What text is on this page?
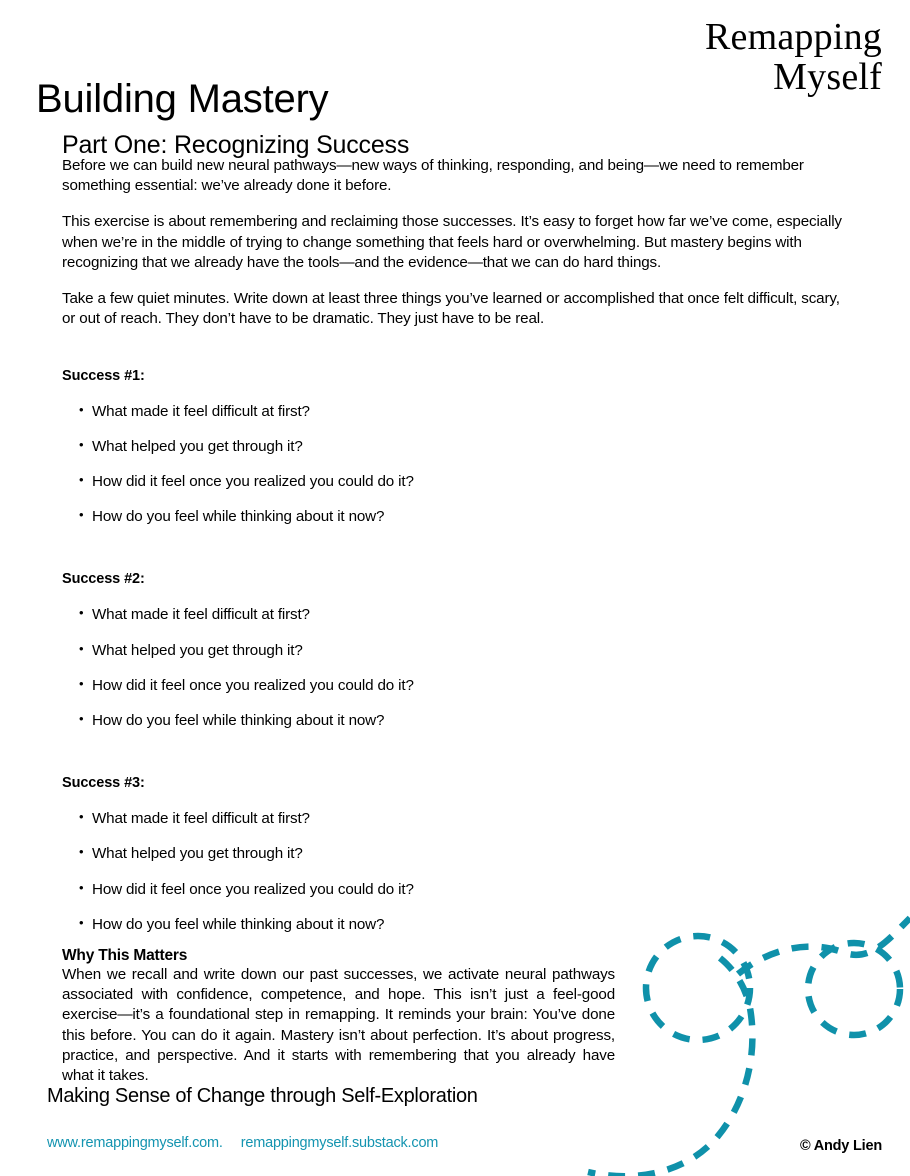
Remapping
Myself
Building Mastery
Part One: Recognizing Success

Before we can build new neural pathways—new ways of thinking, responding, and being—we need to remember something essential: we’ve already done it before.

This exercise is about remembering and reclaiming those successes. It’s easy to forget how far we’ve come, especially when we’re in the middle of trying to change something that feels hard or overwhelming. But mastery begins with recognizing that we already have the tools—and the evidence—that we can do hard things.

Take a few quiet minutes. Write down at least three things you’ve learned or accomplished that once felt difficult, scary, or out of reach. They don’t have to be dramatic. They just have to be real.

Success #1:
• What made it feel difficult at first?
• What helped you get through it?
• How did it feel once you realized you could do it?
• How do you feel while thinking about it now?
Success #2:
• What made it feel difficult at first?
• What helped you get through it?
• How did it feel once you realized you could do it?
• How do you feel while thinking about it now?
Success #3:
• What made it feel difficult at first?
• What helped you get through it?
• How did it feel once you realized you could do it?
• How do you feel while thinking about it now?
Why This Matters

When we recall and write down our past successes, we activate neural pathways associated with confidence, competence, and hope. This isn’t just a feel-good exercise—it’s a foundational step in remapping. It reminds your brain: You’ve done this before. You can do it again. Mastery isn’t about perfection. It’s about progress, practice, and perspective. And it starts with remembering that you already have what it takes.

Making Sense of Change through Self-Exploration
www.remappingmyself.com. remappingmyself.substack.com	© Andy Lien
